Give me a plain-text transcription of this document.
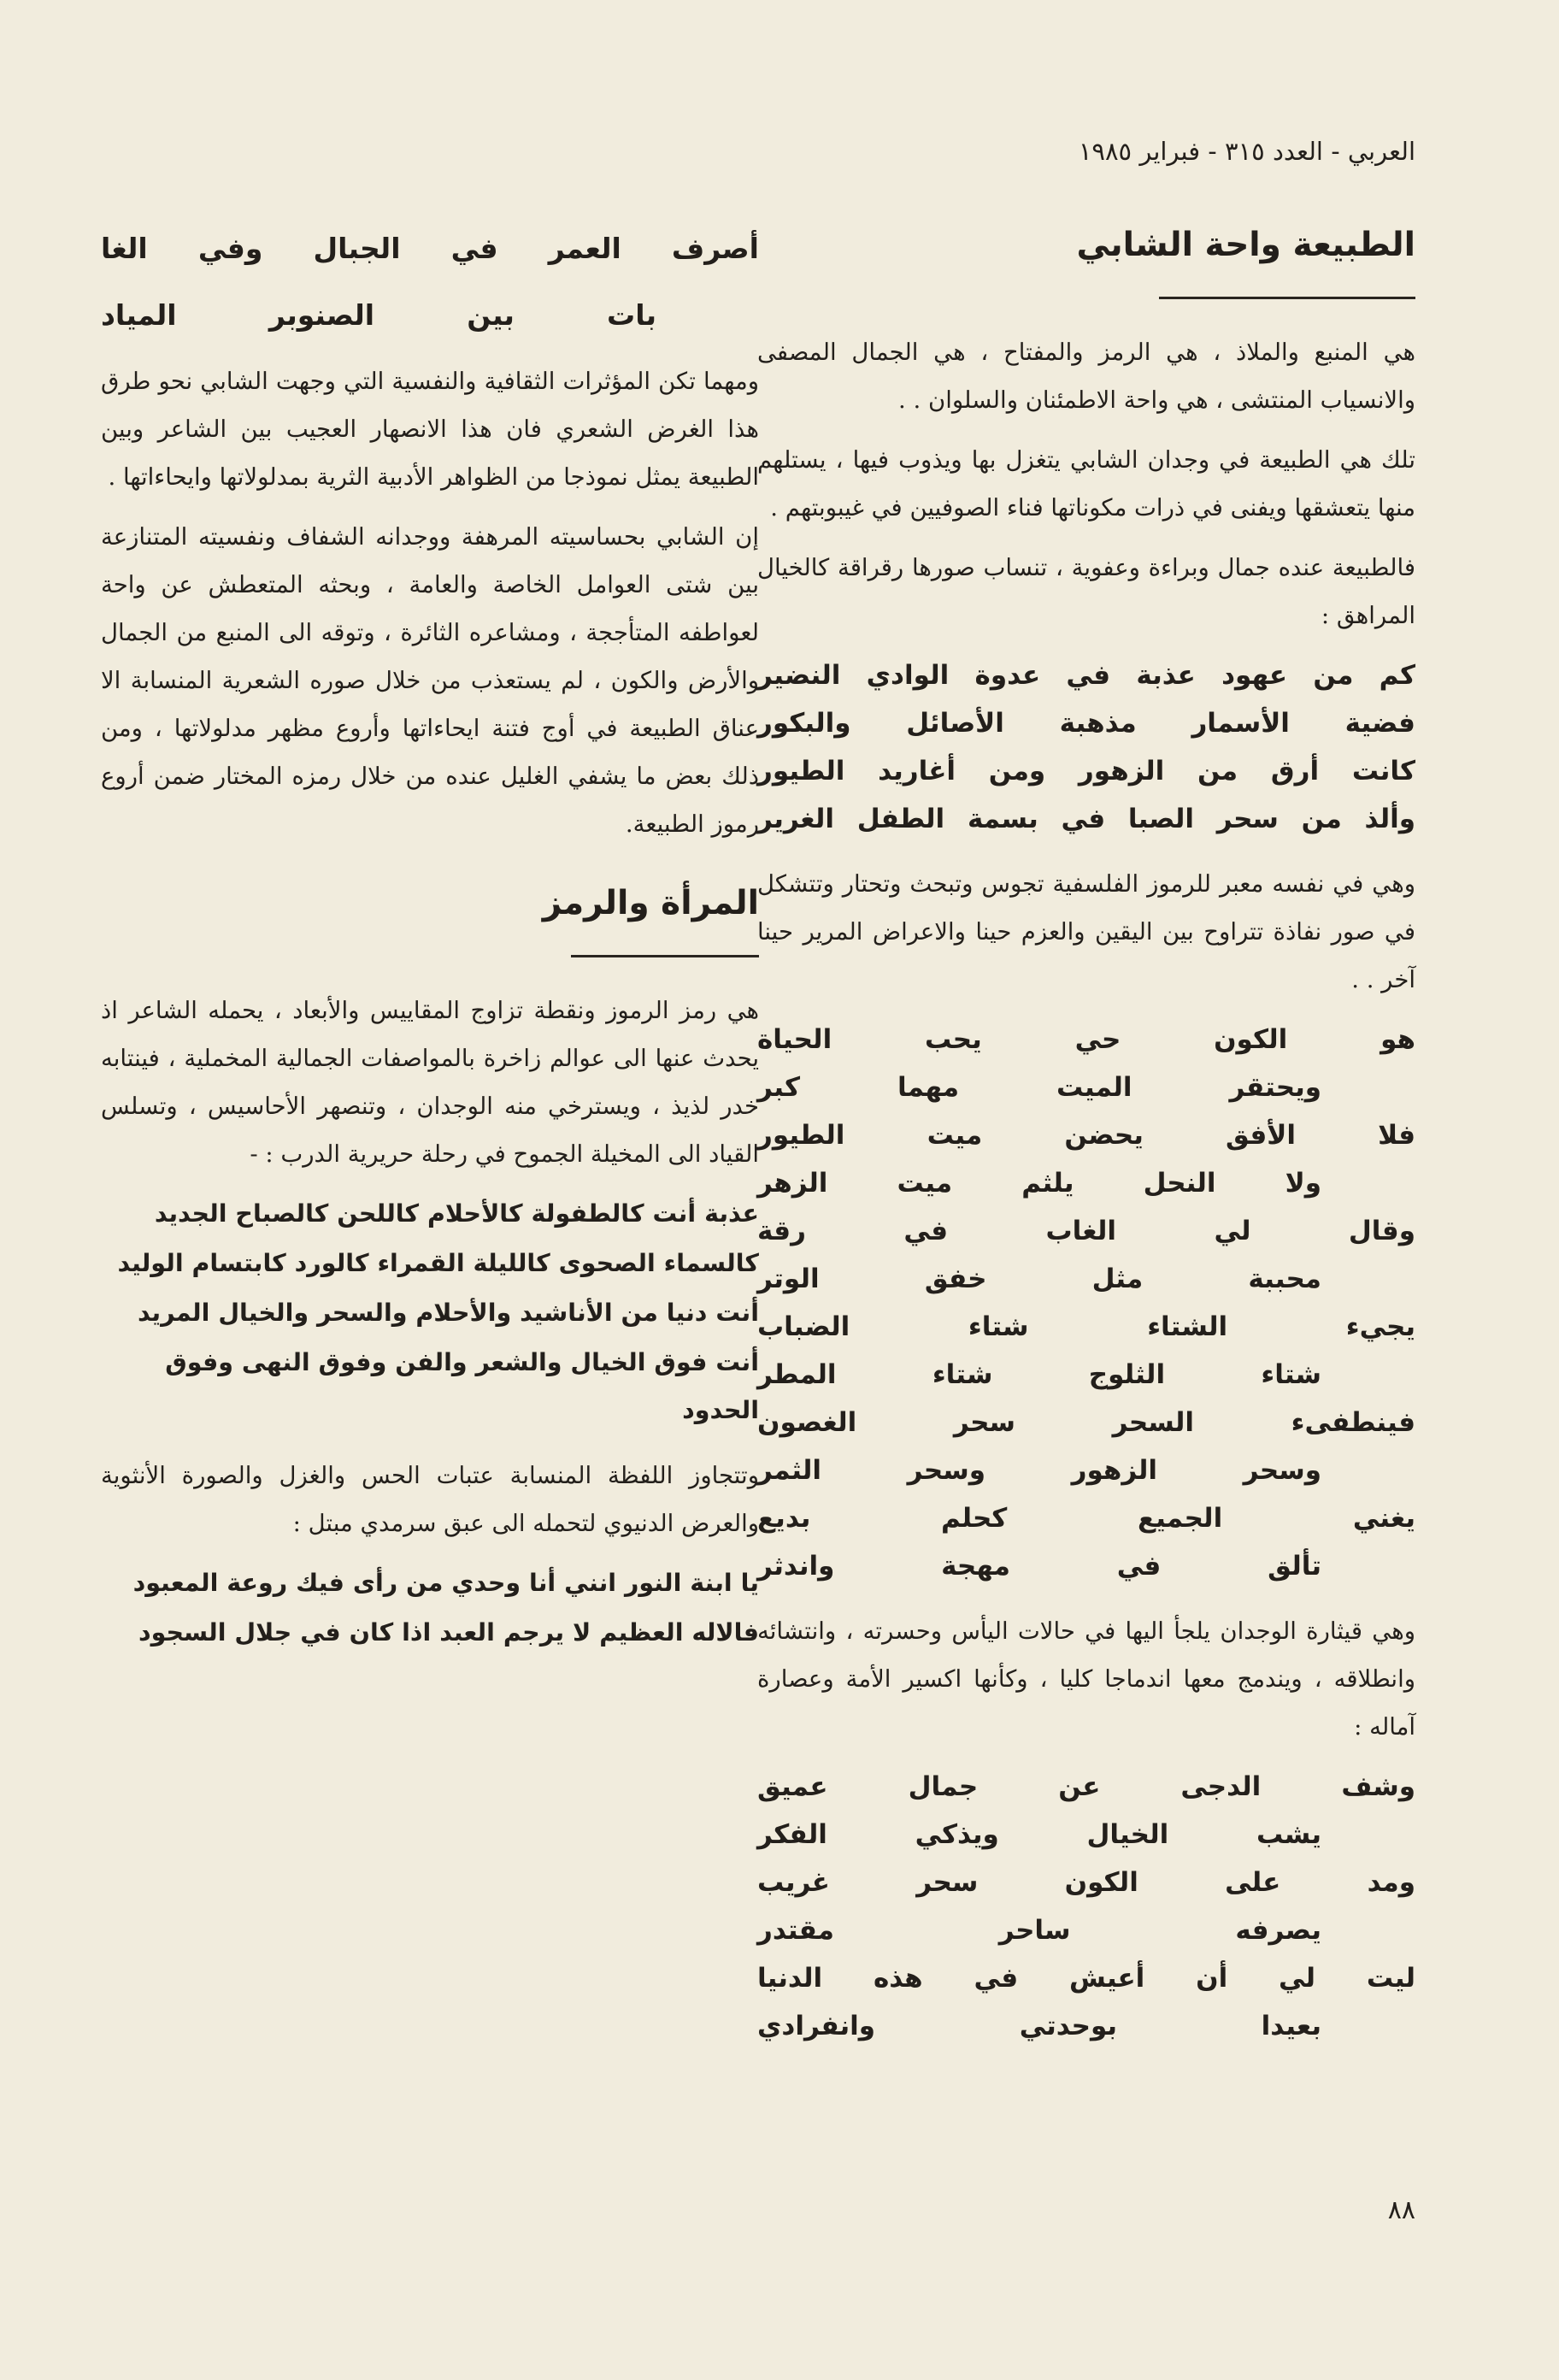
العربي - العدد ٣١٥ - فبراير ١٩٨٥
الطبيعة واحة الشابي

هي المنبع والملاذ ، هي الرمز والمفتاح ، هي الجمال المصفى والانسياب المنتشى ، هي واحة الاطمئنان والسلوان . .

تلك هي الطبيعة في وجدان الشابي يتغزل بها ويذوب فيها ، يستلهم منها يتعشقها ويفنى في ذرات مكوناتها فناء الصوفيين في غيبوبتهم .

فالطبيعة عنده جمال وبراءة وعفوية ، تنساب صورها رقراقة كالخيال المراهق :

كم من عهود عذبة في عدوة الوادي النضير

فضية الأسمار مذهبة الأصائل والبكور

كانت أرق من الزهور ومن أغاريد الطيور

وألذ من سحر الصبا في بسمة الطفل الغرير

وهي في نفسه معبر للرموز الفلسفية تجوس وتبحث وتحتار وتتشكل في صور نفاذة تتراوح بين اليقين والعزم حينا والاعراض المرير حينا آخر . .

هو الكون حي يحب الحياة

ويحتقر الميت مهما كبر

فلا الأفق يحضن ميت الطيور

ولا النحل يلثم ميت الزهر

وقال لي الغاب في رقة

محببة مثل خفق الوتر

يجيء الشتاء شتاء الضباب

شتاء الثلوج شتاء المطر

فينطفىء السحر سحر الغصون

وسحر الزهور وسحر الثمر

يغني الجميع كحلم بديع

تألق في مهجة واندثر

وهي قيثارة الوجدان يلجأ اليها في حالات اليأس وحسرته ، وانتشائه وانطلاقه ، ويندمج معها اندماجا كليا ، وكأنها اكسير الأمة وعصارة آماله :

وشف الدجى عن جمال عميق

يشب الخيال ويذكي الفكر

ومد على الكون سحر غريب

يصرفه ساحر مقتدر

ليت لي أن أعيش في هذه الدنيا

بعيدا بوحدتي وانفرادي

أصرف العمر في الجبال وفي الغا
بات بين الصنوبر المياد

ومهما تكن المؤثرات الثقافية والنفسية التي وجهت الشابي نحو طرق هذا الغرض الشعري فان هذا الانصهار العجيب بين الشاعر وبين الطبيعة يمثل نموذجا من الظواهر الأدبية الثرية بمدلولاتها وايحاءاتها .

إن الشابي بحساسيته المرهفة ووجدانه الشفاف ونفسيته المتنازعة بين شتى العوامل الخاصة والعامة ، وبحثه المتعطش عن واحة لعواطفه المتأججة ، ومشاعره الثائرة ، وتوقه الى المنبع من الجمال والأرض والكون ، لم يستعذب من خلال صوره الشعرية المنسابة الا عناق الطبيعة في أوج فتنة ايحاءاتها وأروع مظهر مدلولاتها ، ومن ذلك بعض ما يشفي الغليل عنده من خلال رمزه المختار ضمن أروع رموز الطبيعة.

المرأة والرمز

هي رمز الرموز ونقطة تزاوج المقاييس والأبعاد ، يحمله الشاعر اذ يحدث عنها الى عوالم زاخرة بالمواصفات الجمالية المخملية ، فينتابه خدر لذيذ ، ويسترخي منه الوجدان ، وتنصهر الأحاسيس ، وتسلس القياد الى المخيلة الجموح في رحلة حريرية الدرب : -

عذبة أنت كالطفولة كالأحلام كاللحن كالصباح الجديد

كالسماء الصحوى كالليلة القمراء كالورد كابتسام الوليد

أنت دنيا من الأناشيد والأحلام والسحر والخيال المريد

أنت فوق الخيال والشعر والفن وفوق النهى وفوق الحدود

وتتجاوز اللفظة المنسابة عتبات الحس والغزل والصورة الأنثوية والعرض الدنيوي لتحمله الى عبق سرمدي مبتل :

يا ابنة النور انني أنا وحدي من رأى فيك روعة المعبود

فالاله العظيم لا يرجم العبد اذا كان في جلال السجود

٨٨
